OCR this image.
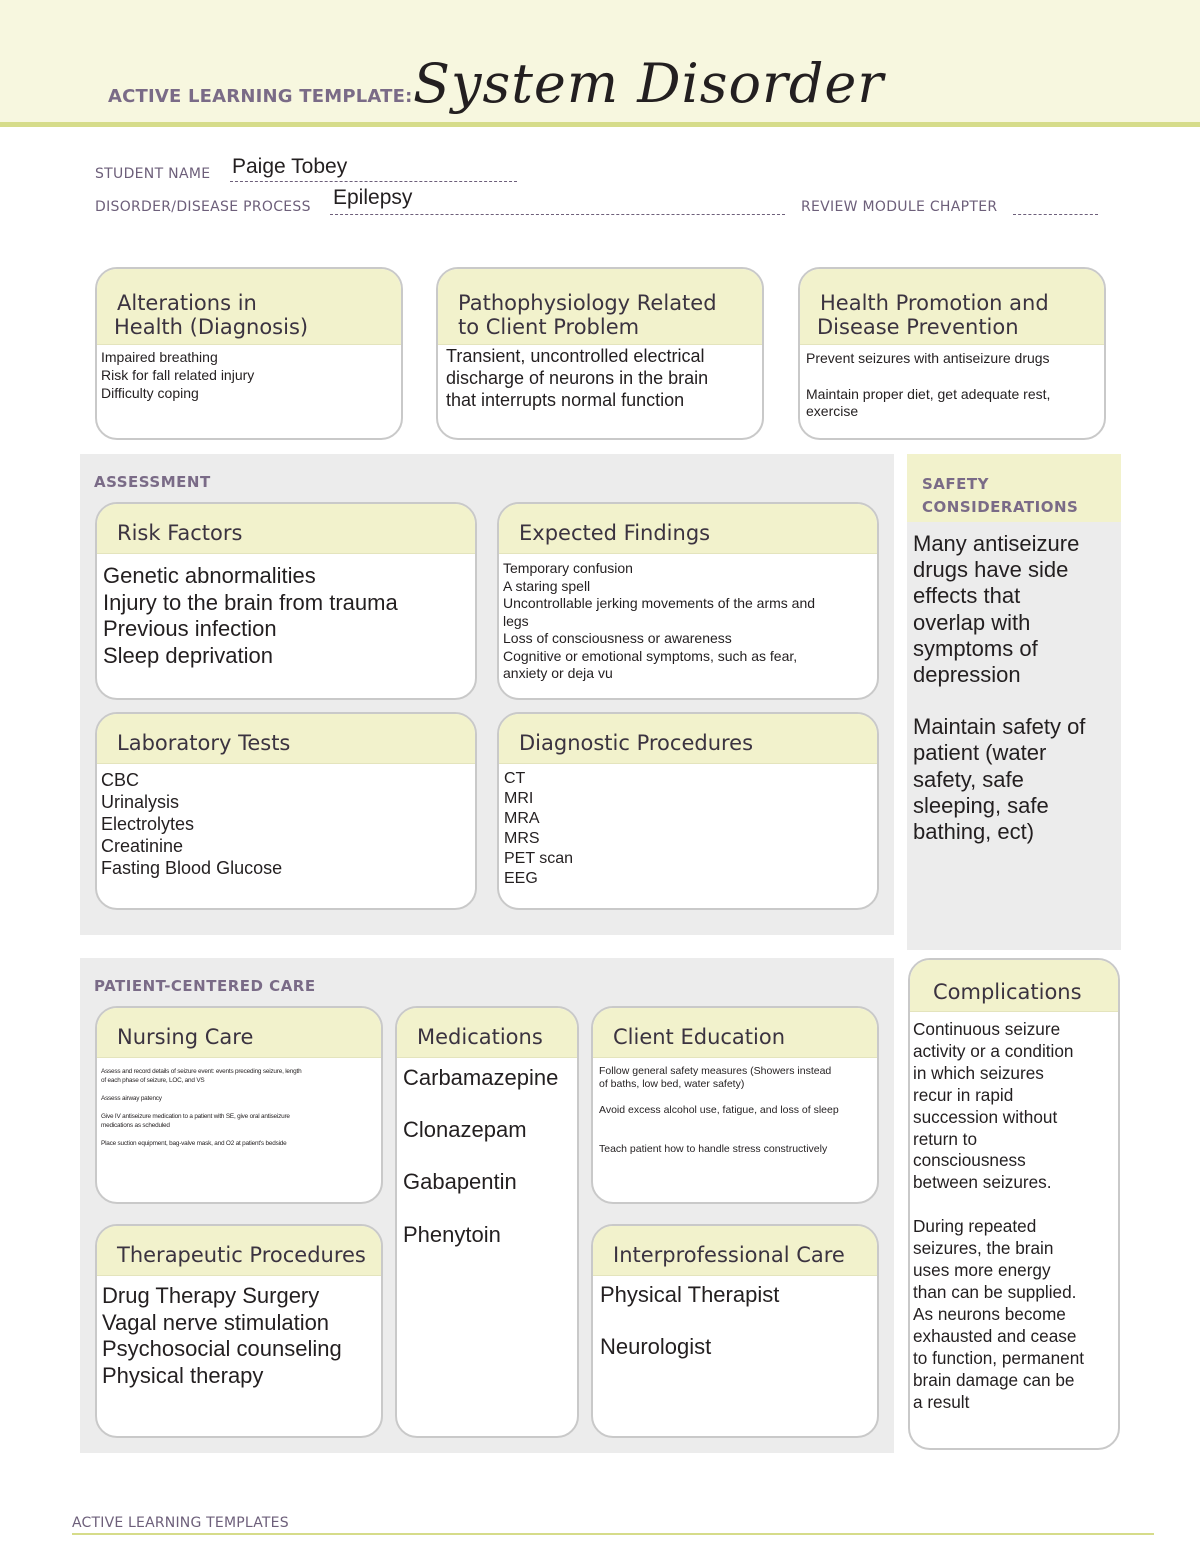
ACTIVE LEARNING TEMPLATE: System Disorder
STUDENT NAME Paige Tobey
DISORDER/DISEASE PROCESS Epilepsy	REVIEW MODULE CHAPTER
Alterations in
Health (Diagnosis)
Impaired breathing
Risk for fall related injury
Difficulty coping
Pathophysiology Related
to Client Problem
Transient, uncontrolled electrical
discharge of neurons in the brain
that interrupts normal function
Health Promotion and
Disease Prevention
Prevent seizures with antiseizure drugs
Maintain proper diet, get adequate rest,
exercise
ASSESSMENT
Risk Factors
Genetic abnormalities
Injury to the brain from trauma
Previous infection
Sleep deprivation
Expected Findings
Temporary confusion
A staring spell
Uncontrollable jerking movements of the arms and
legs
Loss of consciousness or awareness
Cognitive or emotional symptoms, such as fear,
anxiety or deja vu
Laboratory Tests
CBC
Urinalysis
Electrolytes
Creatinine
Fasting Blood Glucose
Diagnostic Procedures
CT
MRI
MRA
MRS
PET scan
EEG
SAFETY
CONSIDERATIONS
Many antiseizure
drugs have side
effects that
overlap with
symptoms of
depression
Maintain safety of
patient (water
safety, safe
sleeping, safe
bathing, ect)
PATIENT-CENTERED CARE
Nursing Care
Assess and record details of seizure event: events preceding seizure, length
of each phase of seizure, LOC, and VS
Assess airway patency
Give IV antiseizure medication to a patient with SE, give oral antiseizure
medications as scheduled
Place suction equipment, bag-valve mask, and O2 at patient's bedside
Medications
Carbamazepine
Clonazepam
Gabapentin
Phenytoin
Client Education
Follow general safety measures (Showers instead
of baths, low bed, water safety)
Avoid excess alcohol use, fatigue, and loss of sleep
Teach patient how to handle stress constructively
Therapeutic Procedures
Drug Therapy Surgery
Vagal nerve stimulation
Psychosocial counseling
Physical therapy
Interprofessional Care
Physical Therapist
Neurologist
Complications
Continuous seizure
activity or a condition
in which seizures
recur in rapid
succession without
return to
consciousness
between seizures.
During repeated
seizures, the brain
uses more energy
than can be supplied.
As neurons become
exhausted and cease
to function, permanent
brain damage can be
a result
ACTIVE LEARNING TEMPLATES
